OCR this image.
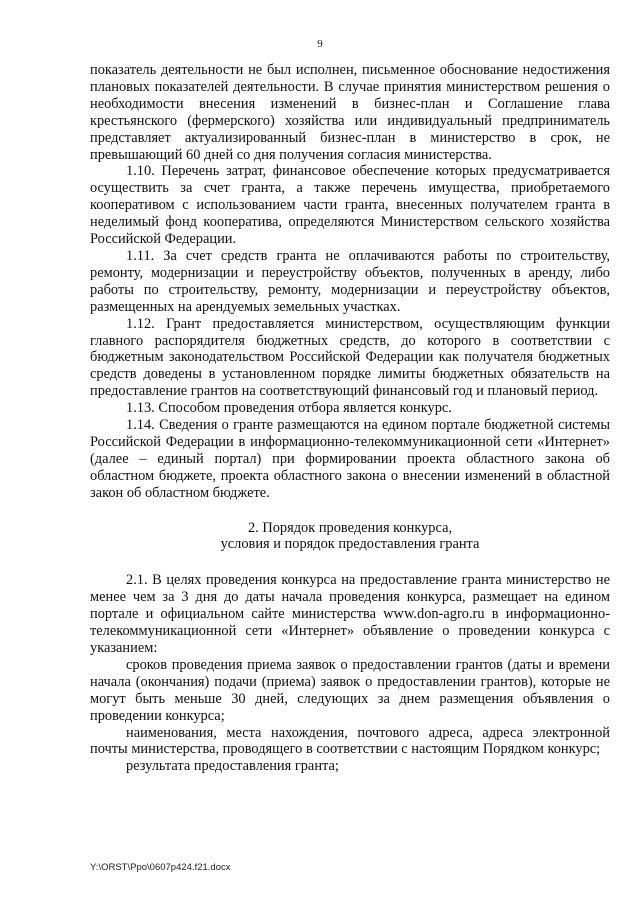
9

показатель деятельности не был исполнен, письменное обоснование недостижения плановых показателей деятельности. В случае принятия министерством решения о необходимости внесения изменений в бизнес-план и Соглашение глава крестьянского (фермерского) хозяйства или индивидуальный предприниматель представляет актуализированный бизнес-план в министерство в срок, не превышающий 60 дней со дня получения согласия министерства.

1.10. Перечень затрат, финансовое обеспечение которых предусматривается осуществить за счет гранта, а также перечень имущества, приобретаемого кооперативом с использованием части гранта, внесенных получателем гранта в неделимый фонд кооператива, определяются Министерством сельского хозяйства Российской Федерации.

1.11. За счет средств гранта не оплачиваются работы по строительству, ремонту, модернизации и переустройству объектов, полученных в аренду, либо работы по строительству, ремонту, модернизации и переустройству объектов, размещенных на арендуемых земельных участках.

1.12. Грант предоставляется министерством, осуществляющим функции главного распорядителя бюджетных средств, до которого в соответствии с бюджетным законодательством Российской Федерации как получателя бюджетных средств доведены в установленном порядке лимиты бюджетных обязательств на предоставление грантов на соответствующий финансовый год и плановый период.

1.13. Способом проведения отбора является конкурс.

1.14. Сведения о гранте размещаются на едином портале бюджетной системы Российской Федерации в информационно-телекоммуникационной сети «Интернет» (далее – единый портал) при формировании проекта областного закона об областном бюджете, проекта областного закона о внесении изменений в областной закон об областном бюджете.

2. Порядок проведения конкурса,
условия и порядок предоставления гранта

2.1. В целях проведения конкурса на предоставление гранта министерство не менее чем за 3 дня до даты начала проведения конкурса, размещает на едином портале и официальном сайте министерства www.don-agro.ru в информационно-телекоммуникационной сети «Интернет» объявление о проведении конкурса с указанием:

сроков проведения приема заявок о предоставлении грантов (даты и времени начала (окончания) подачи (приема) заявок о предоставлении грантов), которые не могут быть меньше 30 дней, следующих за днем размещения объявления о проведении конкурса;

наименования, места нахождения, почтового адреса, адреса электронной почты министерства, проводящего в соответствии с настоящим Порядком конкурс;

результата предоставления гранта;

Y:\ORST\Ppo\0607p424.f21.docx
